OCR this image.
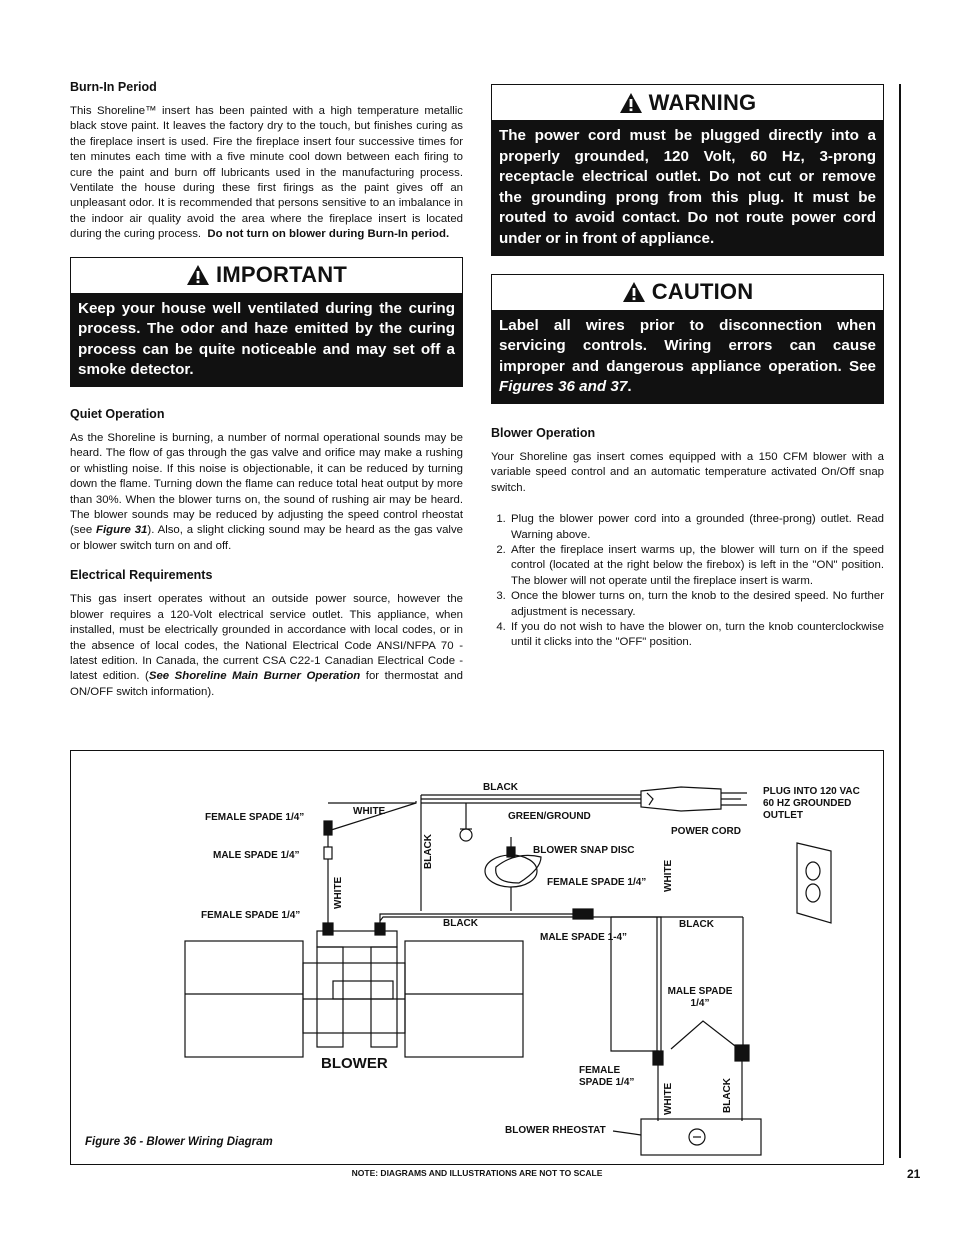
Burn-In Period

This Shoreline™ insert has been painted with a high temperature metallic black stove paint. It leaves the factory dry to the touch, but finishes curing as the fireplace insert is used. Fire the fireplace insert four successive times for ten minutes each time with a five minute cool down between each firing to cure the paint and burn off lubricants used in the manufacturing process. Ventilate the house during these first firings as the paint gives off an unpleasant odor. It is recommended that persons sensitive to an imbalance in the indoor air quality avoid the area where the fireplace insert is located during the curing process. Do not turn on blower during Burn-In period.

IMPORTANT
Keep your house well ventilated during the curing process. The odor and haze emitted by the curing process can be quite noticeable and may set off a smoke detector.
Quiet Operation

As the Shoreline is burning, a number of normal operational sounds may be heard. The flow of gas through the gas valve and orifice may make a rushing or whistling noise. If this noise is objectionable, it can be reduced by turning down the flame. Turning down the flame can reduce total heat output by more than 30%. When the blower turns on, the sound of rushing air may be heard. The blower sounds may be reduced by adjusting the speed control rheostat (see Figure 31). Also, a slight clicking sound may be heard as the gas valve or blower switch turn on and off.

Electrical Requirements

This gas insert operates without an outside power source, however the blower requires a 120-Volt electrical service outlet. This appliance, when installed, must be electrically grounded in accordance with local codes, or in the absence of local codes, the National Electrical Code ANSI/NFPA 70 - latest edition. In Canada, the current CSA C22-1 Canadian Electrical Code - latest edition. (See Shoreline Main Burner Operation for thermostat and ON/OFF switch information).

WARNING
The power cord must be plugged directly into a properly grounded, 120 Volt, 60 Hz, 3-prong receptacle electrical outlet. Do not cut or remove the grounding prong from this plug. It must be routed to avoid contact. Do not route power cord under or in front of appliance.
CAUTION
Label all wires prior to disconnection when servicing controls. Wiring errors can cause improper and dangerous appliance operation. See Figures 36 and 37.
Blower Operation

Your Shoreline gas insert comes equipped with a 150 CFM blower with a variable speed control and an automatic temperature activated On/Off snap switch.

1. Plug the blower power cord into a grounded (three-prong) outlet. Read Warning above.
2. After the fireplace insert warms up, the blower will turn on if the speed control (located at the right below the firebox) is left in the "ON" position. The blower will not operate until the fireplace insert is warm.
3. Once the blower turns on, turn the knob to the desired speed. No further adjustment is necessary.
4. If you do not wish to have the blower on, turn the knob counterclockwise until it clicks into the "OFF" position.
BLACK	PLUG INTO 120 VAC 60 HZ GROUNDED OUTLET
FEMALE SPADE 1/4”
WHITE	GREEN/GROUND
POWER CORD
MALE SPADE 1/4”	BLACK	BLOWER SNAP DISC
WHITE	FEMALE SPADE 1/4” WHITE
FEMALE SPADE 1/4”
BLACK	BLACK
MALE SPADE 1-4”
MALE SPADE 1/4”
BLOWER	FEMALE SPADE 1/4”
WHITE	BLACK
BLOWER RHEOSTAT
Figure 36 - Blower Wiring Diagram
NOTE: DIAGRAMS AND ILLUSTRATIONS ARE NOT TO SCALE	21
